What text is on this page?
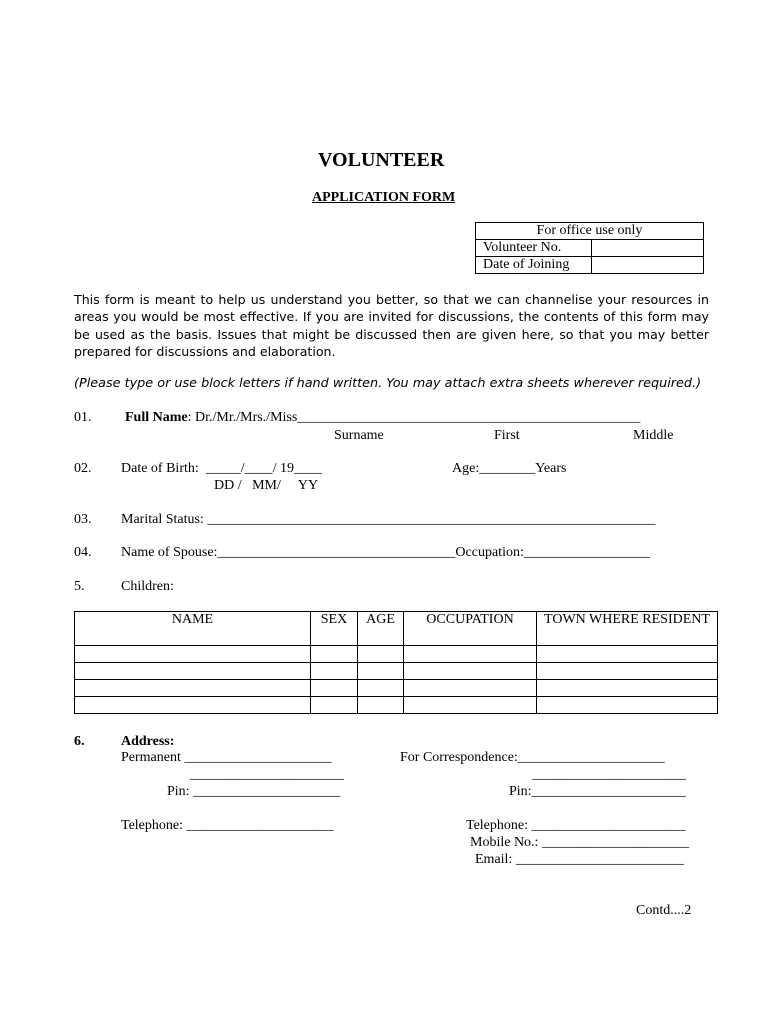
VOLUNTEER
APPLICATION FORM
For office use only	
Volunteer No.	
Date of Joining	
This form is meant to help us understand you better, so that we can channelise your resources in areas you would be most effective. If you are invited for discussions, the contents of this form may be used as the basis. Issues that might be discussed then are given here, so that you may better prepared for discussions and elaboration.
(Please type or use block letters if hand written. You may attach extra sheets wherever required.)
01. Full Name: Dr./Mr./Mrs./Miss_________________________________________________
Surname	First	Middle
02. Date of Birth:  _____/____/ 19____
DD /   MM/     YY
Age:________Years
03. Marital Status: ________________________________________________________________
04. Name of Spouse:__________________________________Occupation:__________________
5.	Children:
NAME	SEX	AGE	OCCUPATION	TOWN WHERE RESIDENT

6.	Address:
Permanent _____________________
______________________
Pin: _____________________
Telephone: _____________________
For Correspondence:_____________________
______________________
Pin:______________________
Telephone: ______________________
Mobile No.: _____________________
Email: ________________________
Contd....2
